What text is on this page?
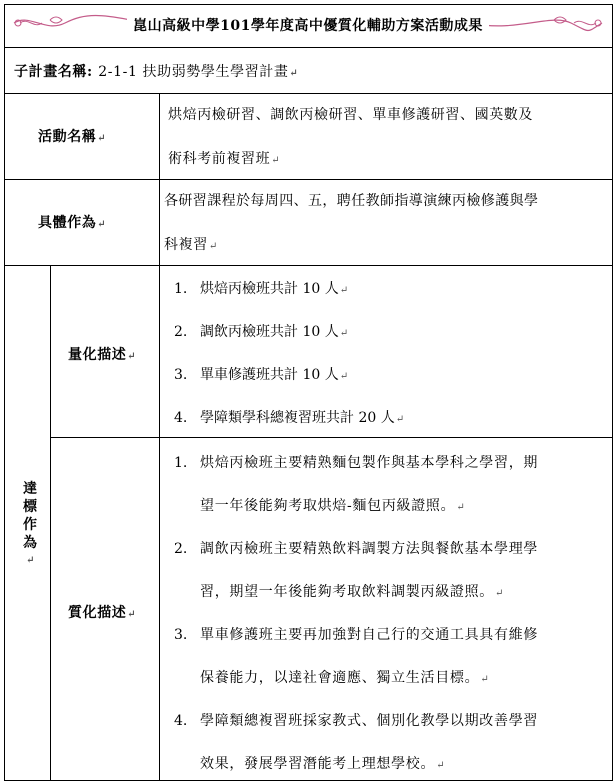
崑山高級中學101學年度高中優質化輔助方案活動成果
子計畫名稱: 2-1-1 扶助弱勢學生學習計畫↵
活動名稱↵
烘焙丙檢研習、調飲丙檢研習、單車修護研習、國英數及
術科考前複習班↵
具體作為↵
各研習課程於每周四、五，聘任教師指導演練丙檢修護與學
科複習↵
達
標
作
為
↵
量化描述↵
1. 烘焙丙檢班共計 10 人↵
2. 調飲丙檢班共計 10 人↵
3. 單車修護班共計 10 人↵
4. 學障類學科總複習班共計 20 人↵
質化描述↵
1. 烘焙丙檢班主要精熟麵包製作與基本學科之學習，期
望一年後能夠考取烘焙-麵包丙級證照。↵
2. 調飲丙檢班主要精熟飲料調製方法與餐飲基本學理學
習，期望一年後能夠考取飲料調製丙級證照。↵
3. 單車修護班主要再加強對自己行的交通工具具有維修
保養能力，以達社會適應、獨立生活目標。↵
4. 學障類總複習班採家教式、個別化教學以期改善學習
效果，發展學習潛能考上理想學校。↵
